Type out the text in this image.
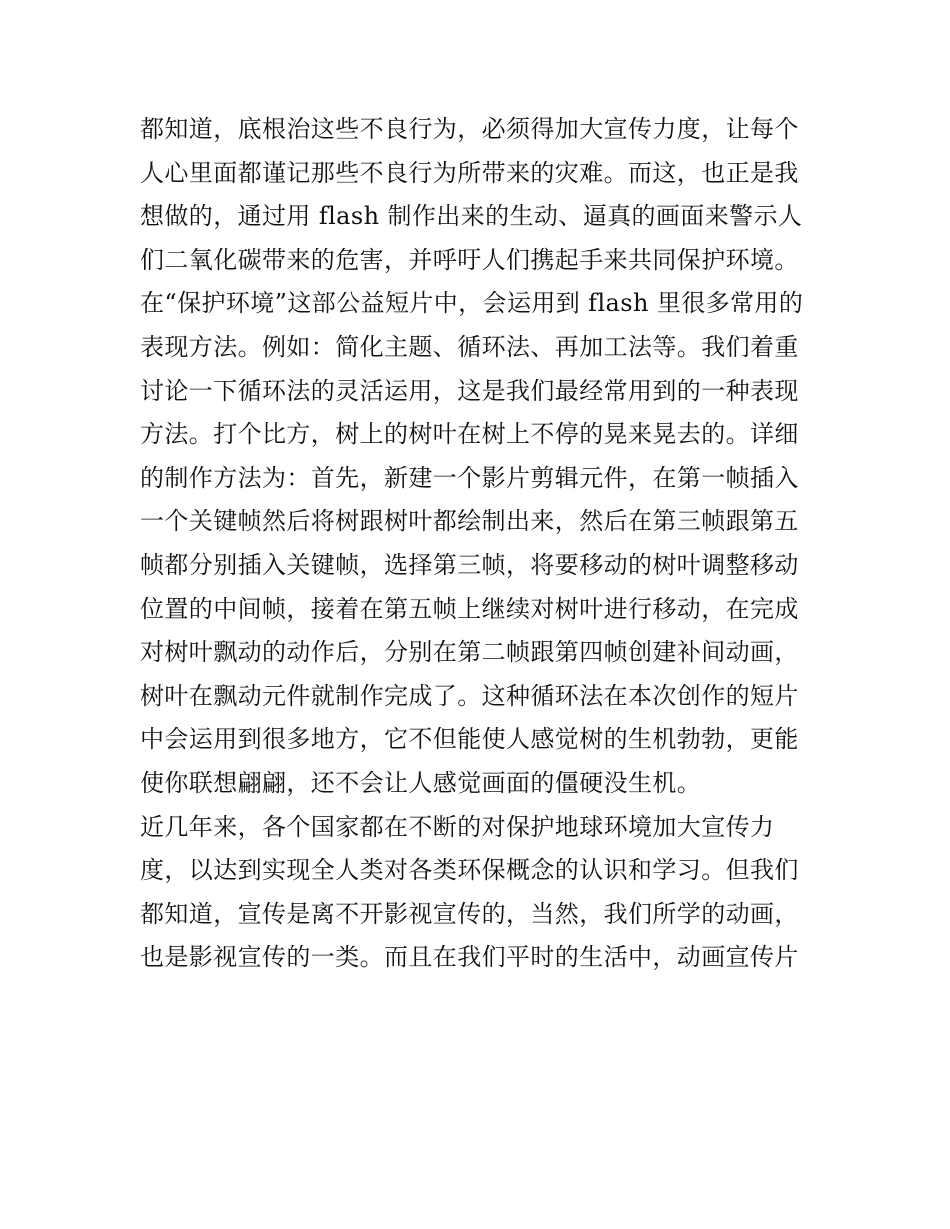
都知道，底根治这些不良行为，必须得加大宣传力度，让每个
人心里面都谨记那些不良行为所带来的灾难。而这，也正是我
想做的，通过用 flash 制作出来的生动、逼真的画面来警示人
们二氧化碳带来的危害，并呼吁人们携起手来共同保护环境。
在“保护环境”这部公益短片中，会运用到 flash 里很多常用的
表现方法。例如：简化主题、循环法、再加工法等。我们着重
讨论一下循环法的灵活运用，这是我们最经常用到的一种表现
方法。打个比方，树上的树叶在树上不停的晃来晃去的。详细
的制作方法为：首先，新建一个影片剪辑元件，在第一帧插入
一个关键帧然后将树跟树叶都绘制出来，然后在第三帧跟第五
帧都分别插入关键帧，选择第三帧，将要移动的树叶调整移动
位置的中间帧，接着在第五帧上继续对树叶进行移动，在完成
对树叶飘动的动作后，分别在第二帧跟第四帧创建补间动画，
树叶在飘动元件就制作完成了。这种循环法在本次创作的短片
中会运用到很多地方，它不但能使人感觉树的生机勃勃，更能
使你联想翩翩，还不会让人感觉画面的僵硬没生机。
近几年来，各个国家都在不断的对保护地球环境加大宣传力
度，以达到实现全人类对各类环保概念的认识和学习。但我们
都知道，宣传是离不开影视宣传的，当然，我们所学的动画，
也是影视宣传的一类。而且在我们平时的生活中，动画宣传片
